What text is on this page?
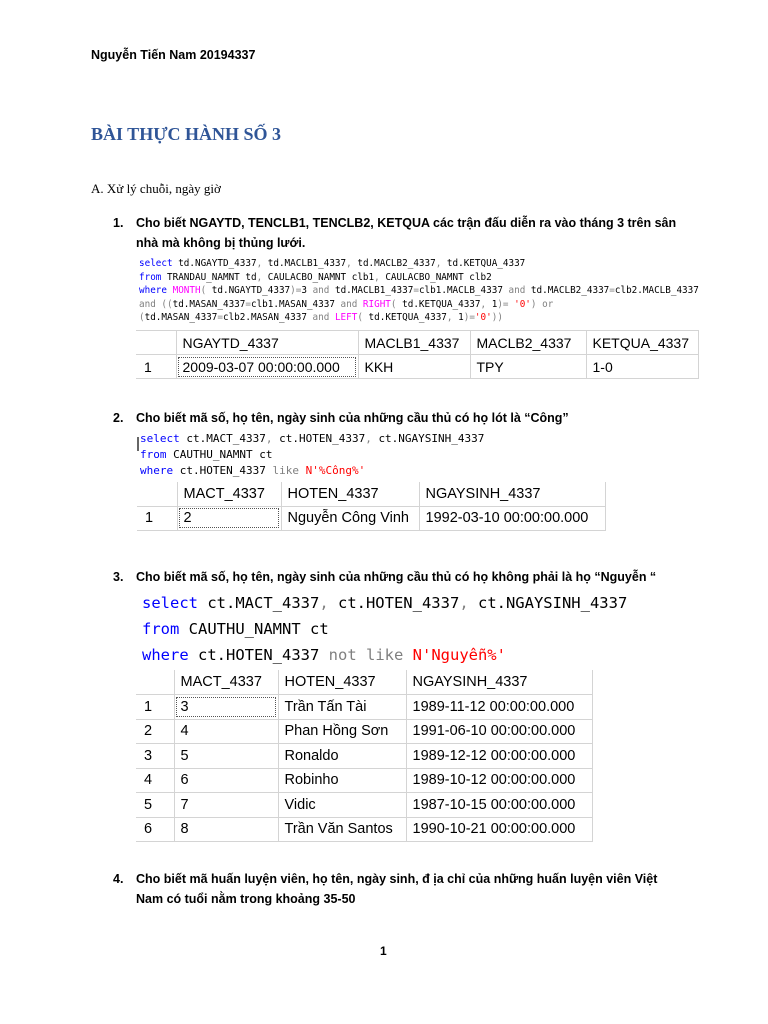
Nguyễn Tiến Nam 20194337
BÀI THỰC HÀNH SỐ 3
A. Xử lý chuỗi, ngày giờ
1. Cho biết NGAYTD, TENCLB1, TENCLB2, KETQUA các trận đấu diễn ra vào tháng 3 trên sân
nhà mà không bị thủng lưới.
select td.NGAYTD_4337, td.MACLB1_4337, td.MACLB2_4337, td.KETQUA_4337
from TRANDAU_NAMNT td, CAULACBO_NAMNT clb1, CAULACBO_NAMNT clb2
where MONTH( td.NGAYTD_4337)=3 and td.MACLB1_4337=clb1.MACLB_4337 and td.MACLB2_4337=clb2.MACLB_4337
and ((td.MASAN_4337=clb1.MASAN_4337 and RIGHT( td.KETQUA_4337, 1)= '0') or
(td.MASAN_4337=clb2.MASAN_4337 and LEFT( td.KETQUA_4337, 1)='0'))
	NGAYTD_4337	MACLB1_4337	MACLB2_4337	KETQUA_4337
1	2009-03-07 00:00:00.000	KKH	TPY	1-0
2. Cho biết mã số, họ tên, ngày sinh của những cầu thủ có họ lót là “Công”
select ct.MACT_4337, ct.HOTEN_4337, ct.NGAYSINH_4337
from CAUTHU_NAMNT ct
where ct.HOTEN_4337 like N'%Công%'
	MACT_4337	HOTEN_4337	NGAYSINH_4337
1	2	Nguyễn Công Vinh	1992-03-10 00:00:00.000
3. Cho biết mã số, họ tên, ngày sinh của những cầu thủ có họ không phải là họ “Nguyễn “
select ct.MACT_4337, ct.HOTEN_4337, ct.NGAYSINH_4337
from CAUTHU_NAMNT ct
where ct.HOTEN_4337 not like N'Nguyễn%'
	MACT_4337	HOTEN_4337	NGAYSINH_4337
1	3	Trần Tấn Tài	1989-11-12 00:00:00.000
2	4	Phan Hồng Sơn	1991-06-10 00:00:00.000
3	5	Ronaldo	1989-12-12 00:00:00.000
4	6	Robinho	1989-10-12 00:00:00.000
5	7	Vidic	1987-10-15 00:00:00.000
6	8	Trần Văn Santos	1990-10-21 00:00:00.000
4. Cho biết mã huấn luyện viên, họ tên, ngày sinh, đ ịa chỉ của những huấn luyện viên Việt
Nam có tuổi nằm trong khoảng 35-50
1
